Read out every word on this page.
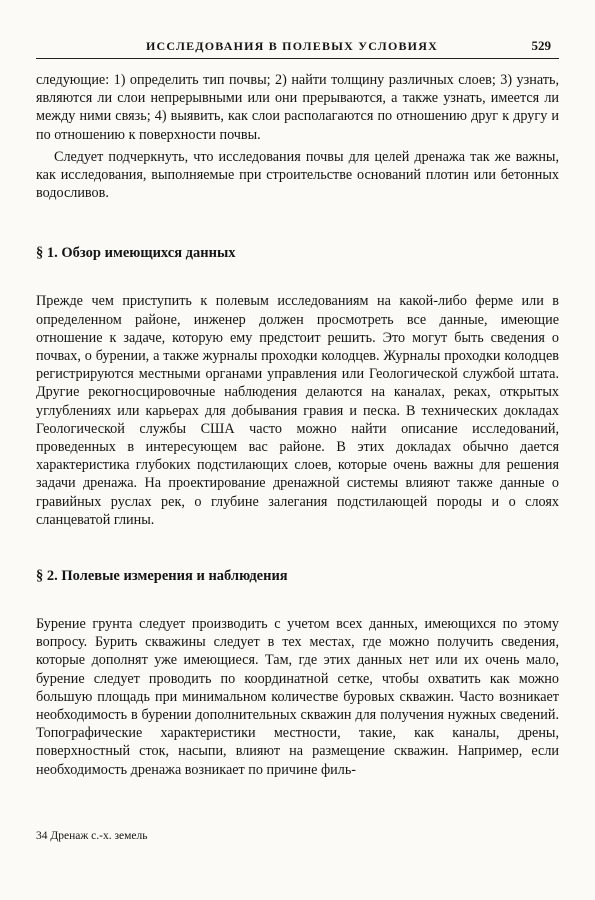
ИССЛЕДОВАНИЯ В ПОЛЕВЫХ УСЛОВИЯХ	529

следующие: 1) определить тип почвы; 2) найти толщину различных слоев; 3) узнать, являются ли слои непрерывными или они прерываются, а также узнать, имеется ли между ними связь; 4) выявить, как слои располагаются по отношению друг к другу и по отношению к поверхности почвы.

Следует подчеркнуть, что исследования почвы для целей дренажа так же важны, как исследования, выполняемые при строительстве оснований плотин или бетонных водосливов.

§ 1. Обзор имеющихся данных

Прежде чем приступить к полевым исследованиям на какой-либо ферме или в определенном районе, инженер должен просмотреть все данные, имеющие отношение к задаче, которую ему предстоит решить. Это могут быть сведения о почвах, о бурении, а также журналы проходки колодцев. Журналы проходки колодцев регистрируются местными органами управления или Геологической службой штата. Другие рекогносцировочные наблюдения делаются на каналах, реках, открытых углублениях или карьерах для добывания гравия и песка. В технических докладах Геологической службы США часто можно найти описание исследований, проведенных в интересующем вас районе. В этих докладах обычно дается характеристика глубоких подстилающих слоев, которые очень важны для решения задачи дренажа. На проектирование дренажной системы влияют также данные о гравийных руслах рек, о глубине залегания подстилающей породы и о слоях сланцеватой глины.

§ 2. Полевые измерения и наблюдения

Бурение грунта следует производить с учетом всех данных, имеющихся по этому вопросу. Бурить скважины следует в тех местах, где можно получить сведения, которые дополнят уже имеющиеся. Там, где этих данных нет или их очень мало, бурение следует проводить по координатной сетке, чтобы охватить как можно большую площадь при минимальном количестве буровых скважин. Часто возникает необходимость в бурении дополнительных скважин для получения нужных сведений. Топографические характеристики местности, такие, как каналы, дрены, поверхностный сток, насыпи, влияют на размещение скважин. Например, если необходимость дренажа возникает по причине филь-

34 Дренаж с.-х. земель
